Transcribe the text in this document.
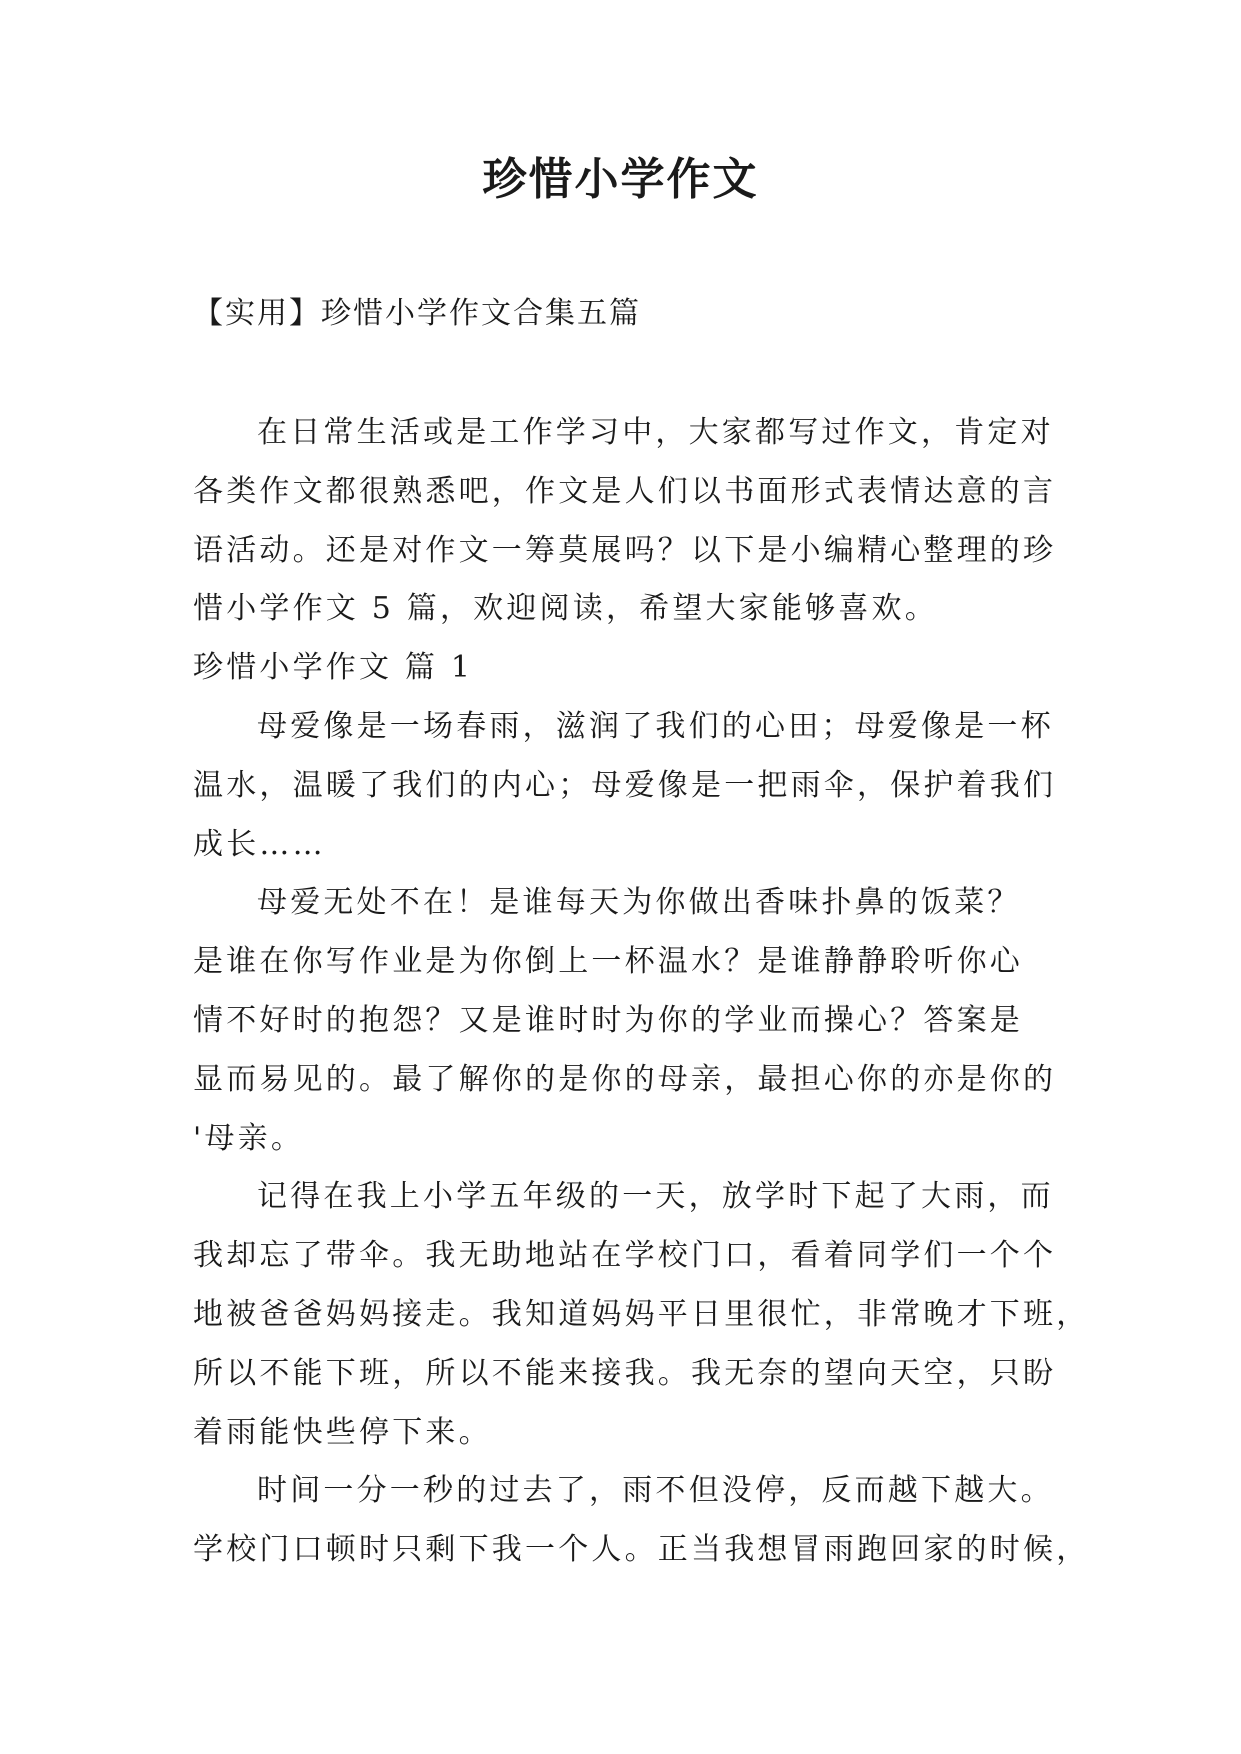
珍惜小学作文

【实用】珍惜小学作文合集五篇

在日常生活或是工作学习中，大家都写过作文，肯定对
各类作文都很熟悉吧，作文是人们以书面形式表情达意的言
语活动。还是对作文一筹莫展吗？以下是小编精心整理的珍
惜小学作文 5 篇，欢迎阅读，希望大家能够喜欢。
珍惜小学作文 篇 1
母爱像是一场春雨，滋润了我们的心田；母爱像是一杯
温水，温暖了我们的内心；母爱像是一把雨伞，保护着我们
成长……
母爱无处不在！是谁每天为你做出香味扑鼻的饭菜？
是谁在你写作业是为你倒上一杯温水？是谁静静聆听你心
情不好时的抱怨？又是谁时时为你的学业而操心？答案是
显而易见的。最了解你的是你的母亲，最担心你的亦是你的
'母亲。
记得在我上小学五年级的一天，放学时下起了大雨，而
我却忘了带伞。我无助地站在学校门口，看着同学们一个个
地被爸爸妈妈接走。我知道妈妈平日里很忙，非常晚才下班，
所以不能下班，所以不能来接我。我无奈的望向天空，只盼
着雨能快些停下来。
时间一分一秒的过去了，雨不但没停，反而越下越大。
学校门口顿时只剩下我一个人。正当我想冒雨跑回家的时候，
